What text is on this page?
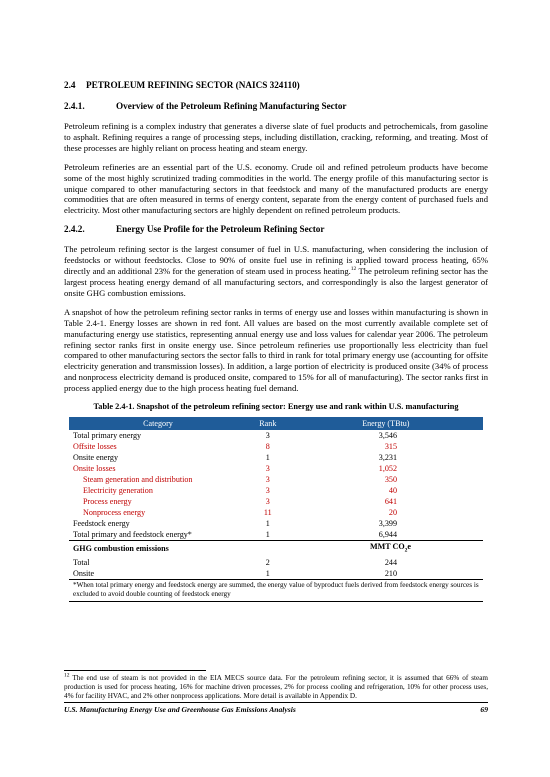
2.4	PETROLEUM REFINING SECTOR (NAICS 324110)
2.4.1.	Overview of the Petroleum Refining Manufacturing Sector

Petroleum refining is a complex industry that generates a diverse slate of fuel products and petrochemicals, from gasoline to asphalt. Refining requires a range of processing steps, including distillation, cracking, reforming, and treating. Most of these processes are highly reliant on process heating and steam energy.

Petroleum refineries are an essential part of the U.S. economy. Crude oil and refined petroleum products have become some of the most highly scrutinized trading commodities in the world. The energy profile of this manufacturing sector is unique compared to other manufacturing sectors in that feedstock and many of the manufactured products are energy commodities that are often measured in terms of energy content, separate from the energy content of purchased fuels and electricity. Most other manufacturing sectors are highly dependent on refined petroleum products.

2.4.2.	Energy Use Profile for the Petroleum Refining Sector

The petroleum refining sector is the largest consumer of fuel in U.S. manufacturing, when considering the inclusion of feedstocks or without feedstocks. Close to 90% of onsite fuel use in refining is applied toward process heating, 65% directly and an additional 23% for the generation of steam used in process heating.$^{12}$ The petroleum refining sector has the largest process heating energy demand of all manufacturing sectors, and correspondingly is also the largest generator of onsite GHG combustion emissions.

A snapshot of how the petroleum refining sector ranks in terms of energy use and losses within manufacturing is shown in Table 2.4-1. Energy losses are shown in red font. All values are based on the most currently available complete set of manufacturing energy use statistics, representing annual energy use and loss values for calendar year 2006. The petroleum refining sector ranks first in onsite energy use. Since petroleum refineries use proportionally less electricity than fuel compared to other manufacturing sectors the sector falls to third in rank for total primary energy use (accounting for offsite electricity generation and transmission losses). In addition, a large portion of electricity is produced onsite (34% of process and nonprocess electricity demand is produced onsite, compared to 15% for all of manufacturing). The sector ranks first in process applied energy due to the high process heating fuel demand.

Table 2.4-1. Snapshot of the petroleum refining sector: Energy use and rank within U.S. manufacturing
Category	Rank	Energy (TBtu)
Total primary energy	3	3,546
Offsite losses	8	315
Onsite energy	1	3,231
Onsite losses	3	1,052
Steam generation and distribution	3	350
Electricity generation	3	40
Process energy	3	641
Nonprocess energy	11	20
Feedstock energy	1	3,399
Total primary and feedstock energy*	1	6,944
GHG combustion emissions		MMT $CO_2e$
Total	2	244
Onsite	1	210
*When total primary energy and feedstock energy are summed, the energy value of byproduct fuels derived from feedstock energy sources is excluded to avoid double counting of feedstock energy		
$^{12}$ The end use of steam is not provided in the EIA MECS source data. For the petroleum refining sector, it is assumed that 66% of steam production is used for process heating, 16% for machine driven processes, 2% for process cooling and refrigeration, 10% for other process uses, 4% for facility HVAC, and 2% other nonprocess applications. More detail is available in Appendix D.
U.S. Manufacturing Energy Use and Greenhouse Gas Emissions Analysis	69
